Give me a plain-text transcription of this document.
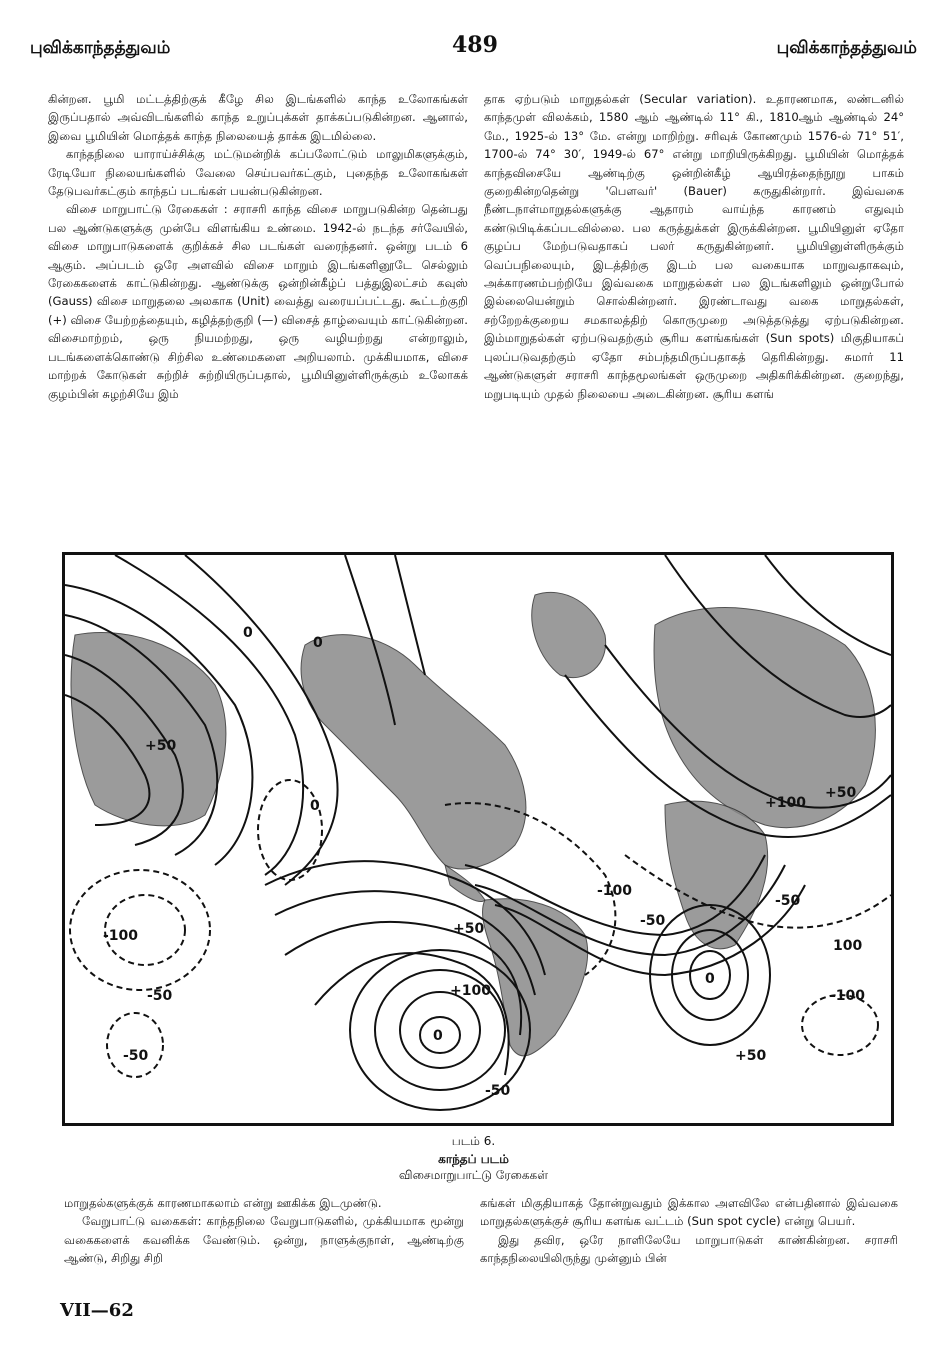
புவிக்காந்தத்துவம்	489	புவிக்காந்தத்துவம்

கின்றன. பூமி மட்டத்திற்குக் கீழே சில இடங்களில் காந்த உலோகங்கள் இருப்பதால் அவ்விடங்களில் காந்த உறுப்புக்கள் தாக்கப்படுகின்றன. ஆனால், இவை பூமியின் மொத்தக் காந்த நிலையைத் தாக்க இடமில்லை.

காந்தநிலை யாராய்ச்சிக்கு மட்டுமன்றிக் கப்பலோட்டும் மாலுமிகளுக்கும், ரேடியோ நிலையங்களில் வேலை செய்பவர்கட்கும், புதைந்த உலோகங்கள் தேடுபவர்கட்கும் காந்தப் படங்கள் பயன்படுகின்றன.

விசை மாறுபாட்டு ரேகைகள் : சராசரி காந்த விசை மாறுபடுகின்ற தென்பது பல ஆண்டுகளுக்கு முன்பே விளங்கிய உண்மை. 1942-ல் நடந்த சர்வேயில், விசை மாறுபாடுகளைக் குறிக்கச் சில படங்கள் வரைந்தனர். ஒன்று படம் 6 ஆகும். அப்படம் ஒரே அளவில் விசை மாறும் இடங்களினூடே செல்லும் ரேகைகளைக் காட்டுகின்றது. ஆண்டுக்கு ஒன்றின்கீழ்ப் பத்துஇலட்சம் கவுஸ் (Gauss) விசை மாறுதலை அலகாக (Unit) வைத்து வரையப்பட்டது. கூட்டற்குறி (+) விசை யேற்றத்தையும், கழித்தற்குறி (—) விசைத் தாழ்வையும் காட்டுகின்றன. விசைமாற்றம், ஒரு நியமற்றது, ஒரு வழியற்றது என்றாலும், படங்களைக்கொண்டு சிற்சில உண்மைகளை அறியலாம். முக்கியமாக, விசை மாற்றக் கோடுகள் சுற்றிச் சுற்றியிருப்பதால், பூமியினுள்ளிருக்கும் உலோகக் குழம்பின் சுழற்சியே இம்

தாக ஏற்படும் மாறுதல்கள் (Secular variation). உதாரணமாக, லண்டனில் காந்தமுள் விலக்கம், 1580 ஆம் ஆண்டில் 11° கி., 1810ஆம் ஆண்டில் 24° மே., 1925-ல் 13° மே. என்று மாறிற்று. சரிவுக் கோணமும் 1576-ல் 71° 51′, 1700-ல் 74° 30′, 1949-ல் 67° என்று மாறியிருக்கிறது. பூமியின் மொத்தக் காந்தவிசையே ஆண்டிற்கு ஒன்றின்கீழ் ஆயிரத்தைந்நூறு பாகம் குறைகின்றதென்று 'பௌவர்' (Bauer) கருதுகின்றார். இவ்வகை நீண்டநாள்மாறுதல்களுக்கு ஆதாரம் வாய்ந்த காரணம் எதுவும் கண்டுபிடிக்கப்படவில்லை. பல கருத்துக்கள் இருக்கின்றன. பூமியினுள் ஏதோ குழப்ப மேற்படுவதாகப் பலர் கருதுகின்றனர். பூமியினுள்ளிருக்கும் வெப்பநிலையும், இடத்திற்கு இடம் பல வகையாக மாறுவதாகவும், அக்காரணம்பற்றியே இவ்வகை மாறுதல்கள் பல இடங்களிலும் ஒன்றுபோல் இல்லையென்றும் சொல்கின்றனர். இரண்டாவது வகை மாறுதல்கள், சற்றேறக்குறைய சமகாலத்திற் கொருமுறை அடுத்தடுத்து ஏற்படுகின்றன. இம்மாறுதல்கள் ஏற்படுவதற்கும் சூரிய களங்கங்கள் (Sun spots) மிகுதியாகப் புலப்படுவதற்கும் ஏதோ சம்பந்தமிருப்பதாகத் தெரிகின்றது. சுமார் 11 ஆண்டுகளுள் சராசரி காந்தமூலங்கள் ஒருமுறை அதிகரிக்கின்றன. குறைந்து, மறுபடியும் முதல் நிலையை அடைகின்றன. சூரிய களங்

+50
0
0
0
+100
+50
-100
-50
-100
-50
-100
-50
+50
+100
0
100
-50	+50
0
-50
படம் 6.
காந்தப் படம்
விசைமாறுபாட்டு ரேகைகள்

மாறுதல்களுக்குக் காரணமாகலாம் என்று ஊகிக்க இடமுண்டு.

வேறுபாட்டு வகைகள்: காந்தநிலை வேறுபாடுகளில், முக்கியமாக மூன்று வகைகளைக் கவனிக்க வேண்டும். ஒன்று, நாளுக்குநாள், ஆண்டிற்கு ஆண்டு, சிறிது சிறி

கங்கள் மிகுதியாகத் தோன்றுவதும் இக்கால அளவிலே என்பதினால் இவ்வகை மாறுதல்களுக்குச் சூரிய களங்க வட்டம் (Sun spot cycle) என்று பெயர்.

இது தவிர, ஒரே நாளிலேயே மாறுபாடுகள் காண்கின்றன. சராசரி காந்தநிலையிலிருந்து முன்னும் பின்

VII—62
